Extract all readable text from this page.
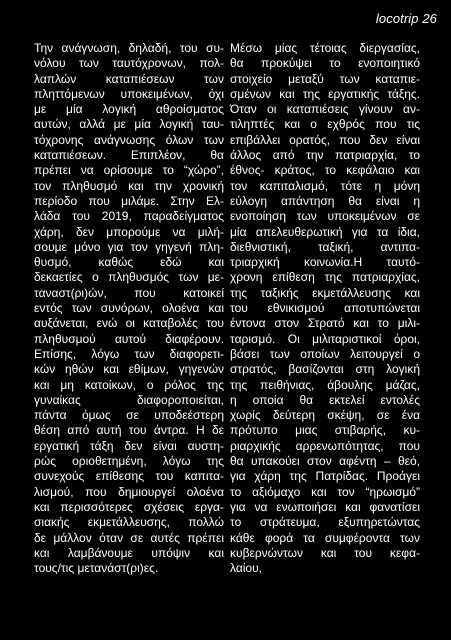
locotrip 26
Την ανάγνωση, δηλαδή, του συ-
νόλου των ταυτόχρονων, πολ-
λαπλών καταπιέσεων των
πληττόμενων υποκειμένων, όχι
με μία λογική αθροίσματος
αυτών, αλλά με μία λογική ταυ-
τόχρονης ανάγνωσης όλων των
καταπιέσεων. Επιπλέον, θα
πρέπει να ορίσουμε το “χώρο”,
τον πληθυσμό και την χρονική
περίοδο που μιλάμε. Στην Ελ-
λάδα του 2019, παραδείγματος
χάρη, δεν μπορούμε να μιλή-
σουμε μόνο για τον γηγενή πλη-
θυσμό, καθώς εδώ και
δεκαετίες ο πληθυσμός των με-
ταναστ(ρι)ών, που κατοικεί
εντός των συνόρων, ολοένα και
αυξάνεται, ενώ οι καταβολές του
πληθυσμού αυτού διαφέρουν.
Επίσης, λόγω των διαφορετι-
κών ηθών και εθίμων, γηγενών
και μη κατοίκων, ο ρόλος της
γυναίκας διαφοροποιείται,
πάντα όμως σε υποδεέστερη
θέση από αυτή του άντρα. Η δε
εργατική τάξη δεν είναι αυστη-
ρώς οριοθετημένη, λόγω της
συνεχούς επίθεσης του καπιτα-
λισμού, που δημιουργεί ολοένα
και περισσότερες σχέσεις εργα-
σιακής εκμετάλλευσης, πολλώ
δε μάλλον όταν σε αυτές πρέπει
και λαμβάνουμε υπόψιν και
τους/τις μετανάστ(ρι)ες.
Μέσω μίας τέτοιας διεργασίας,
θα προκύψει το ενοποιητικό
στοιχείο μεταξύ των καταπιε-
σμένων και της εργατικής τάξης.
Όταν οι καταπιέσεις γίνουν αν-
τιληπτές και ο εχθρός που τις
επιβάλλει ορατός, που δεν είναι
άλλος από την πατριαρχία, το
έθνος- κράτος, το κεφάλαιο και
τον καπιταλισμό, τότε η μόνη
εύλογη απάντηση θα είναι η
ενοποίηση των υποκειμένων σε
μία απελευθερωτική για τα ίδια,
διεθνιστική, ταξική, αντιπα-
τριαρχική κοινωνία.Η ταυτό-
χρονη επίθεση της πατριαρχίας,
της ταξικής εκμετάλλευσης και
του εθνικισμού αποτυπώνεται
έντονα στον Στρατό και το μιλι-
ταρισμό. Οι μιλιταριστικοί όροι,
βάσει των οποίων λειτουργεί ο
στρατός, βασίζονται στη λογική
της πειθήνιας, άβουλης μάζας,
η οποία θα εκτελεί εντολές
χωρίς δεύτερη σκέψη, σε ένα
πρότυπο μιας στιβαρής, κυ-
ριαρχικής αρρενωπότητας, που
θα υπακούει στον αφέντη – θεό,
για χάρη της Πατρίδας. Προάγει
το αξιόμαχο και τον “ηρωισμό”
για να ενωποιήσει και φανατίσει
το στράτευμα, εξυπηρετώντας
κάθε φορά τα συμφέροντα των
κυβερνώντων και του κεφα-
λαίου,
